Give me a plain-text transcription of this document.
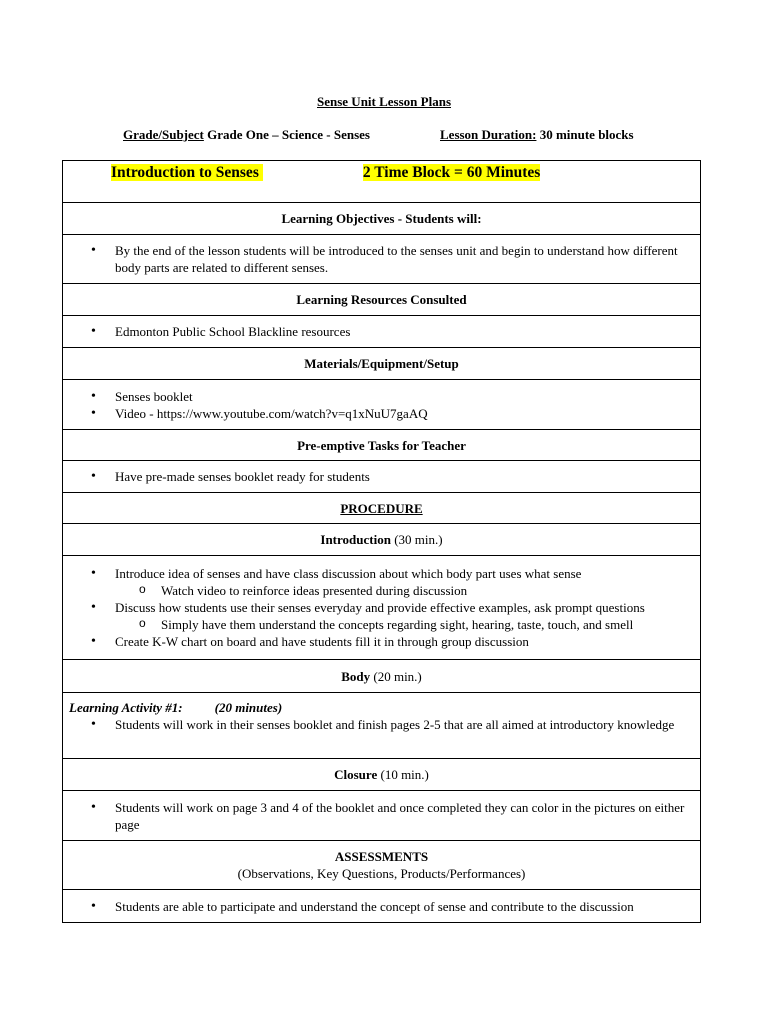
Sense Unit Lesson Plans
Grade/Subject Grade One – Science - Senses	Lesson Duration: 30 minute blocks
Introduction to Senses	2 Time Block = 60 Minutes
Learning Objectives - Students will:

• By the end of the lesson students will be introduced to the senses unit and begin to understand how different body parts are related to different senses.

Learning Resources Consulted

• Edmonton Public School Blackline resources

Materials/Equipment/Setup

• Senses booklet
• Video - https://www.youtube.com/watch?v=q1xNuU7gaAQ

Pre-emptive Tasks for Teacher

• Have pre-made senses booklet ready for students

PROCEDURE
Introduction (30 min.)

• Introduce idea of senses and have class discussion about which body part uses what sense
o Watch video to reinforce ideas presented during discussion
• Discuss how students use their senses everyday and provide effective examples, ask prompt questions
o Simply have them understand the concepts regarding sight, hearing, taste, touch, and smell
• Create K-W chart on board and have students fill it in through group discussion

Body (20 min.)

Learning Activity #1: (20 minutes)
• Students will work in their senses booklet and finish pages 2-5 that are all aimed at introductory knowledge

Closure (10 min.)

• Students will work on page 3 and 4 of the booklet and once completed they can color in the pictures on either page

ASSESSMENTS
(Observations, Key Questions, Products/Performances)

• Students are able to participate and understand the concept of sense and contribute to the discussion
